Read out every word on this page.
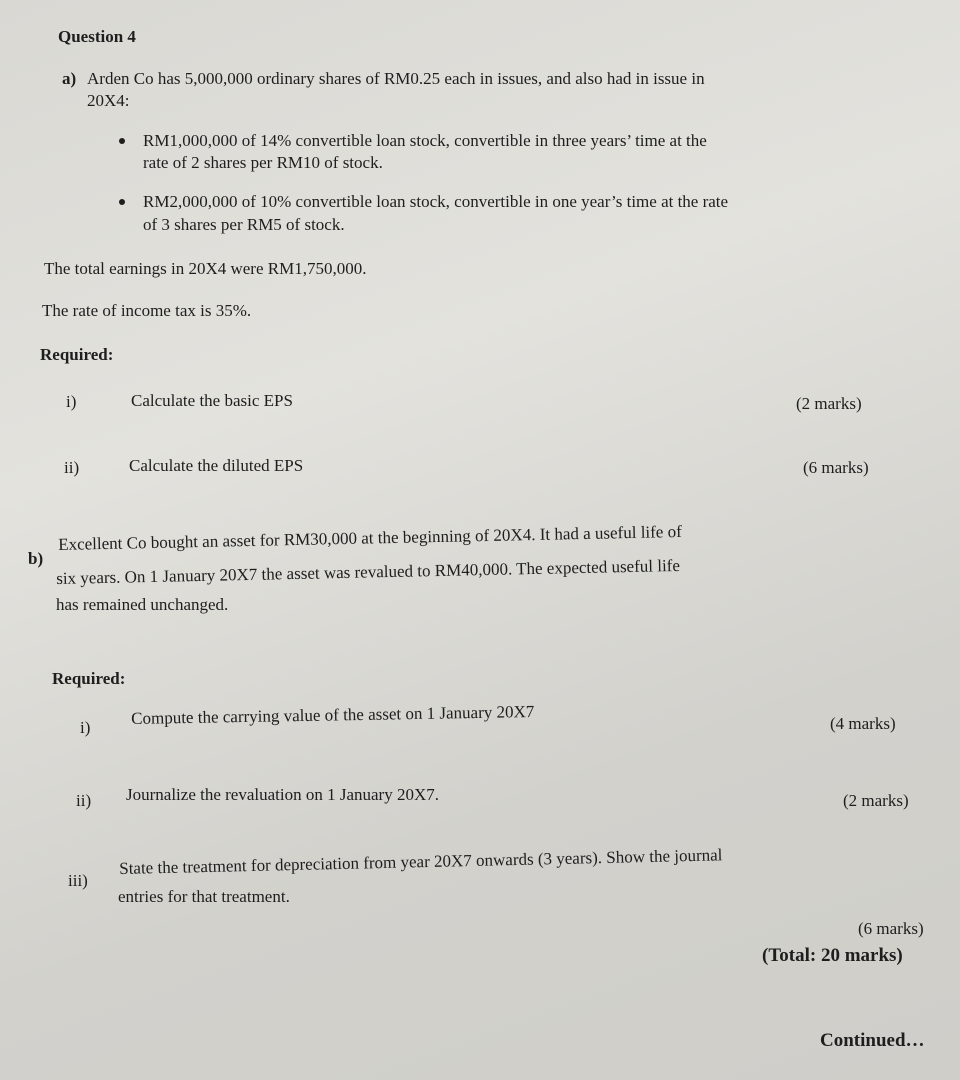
Question 4
a) Arden Co has 5,000,000 ordinary shares of RM0.25 each in issues, and also had in issue in
20X4:
RM1,000,000 of 14% convertible loan stock, convertible in three years’ time at the
rate of 2 shares per RM10 of stock.
RM2,000,000 of 10% convertible loan stock, convertible in one year’s time at the rate
of 3 shares per RM5 of stock.
The total earnings in 20X4 were RM1,750,000.
The rate of income tax is 35%.
Required:
i)	Calculate the basic EPS	(2 marks)
ii)	Calculate the diluted EPS	(6 marks)
b)
Excellent Co bought an asset for RM30,000 at the beginning of 20X4. It had a useful life of
six years. On 1 January 20X7 the asset was revalued to RM40,000. The expected useful life
has remained unchanged.
Required:
i) Compute the carrying value of the asset on 1 January 20X7	(4 marks)
ii) Journalize the revaluation on 1 January 20X7.	(2 marks)
iii)
State the treatment for depreciation from year 20X7 onwards (3 years). Show the journal
entries for that treatment.
(6 marks)
(Total: 20 marks)
Continued…
